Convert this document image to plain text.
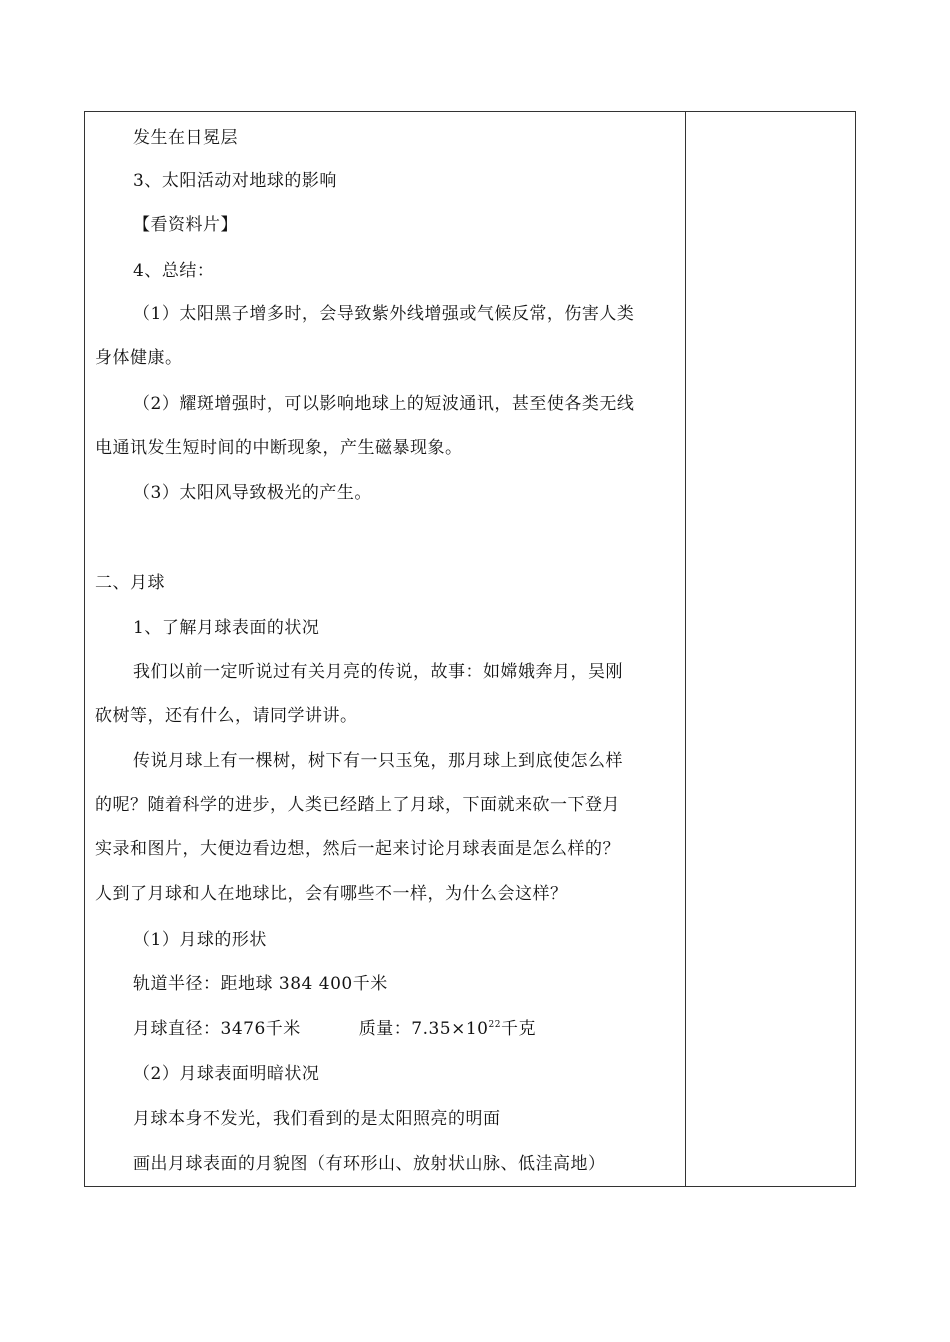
发生在日冕层
3、太阳活动对地球的影响
【看资料片】
4、总结：
（1）太阳黑子增多时，会导致紫外线增强或气候反常，伤害人类
身体健康。
（2）耀斑增强时，可以影响地球上的短波通讯，甚至使各类无线
电通讯发生短时间的中断现象，产生磁暴现象。
（3）太阳风导致极光的产生。
二、月球
1、了解月球表面的状况
我们以前一定听说过有关月亮的传说，故事：如嫦娥奔月，吴刚
砍树等，还有什么，请同学讲讲。
传说月球上有一棵树，树下有一只玉兔，那月球上到底使怎么样
的呢？随着科学的进步，人类已经踏上了月球，下面就来砍一下登月
实录和图片，大便边看边想，然后一起来讨论月球表面是怎么样的？
人到了月球和人在地球比，会有哪些不一样，为什么会这样？
（1）月球的形状
轨道半径：距地球 384 400千米
月球直径：3476千米	质量：$7.35\times 10^{22}$千克
（2）月球表面明暗状况
月球本身不发光，我们看到的是太阳照亮的明面
画出月球表面的月貌图（有环形山、放射状山脉、低洼高地）
